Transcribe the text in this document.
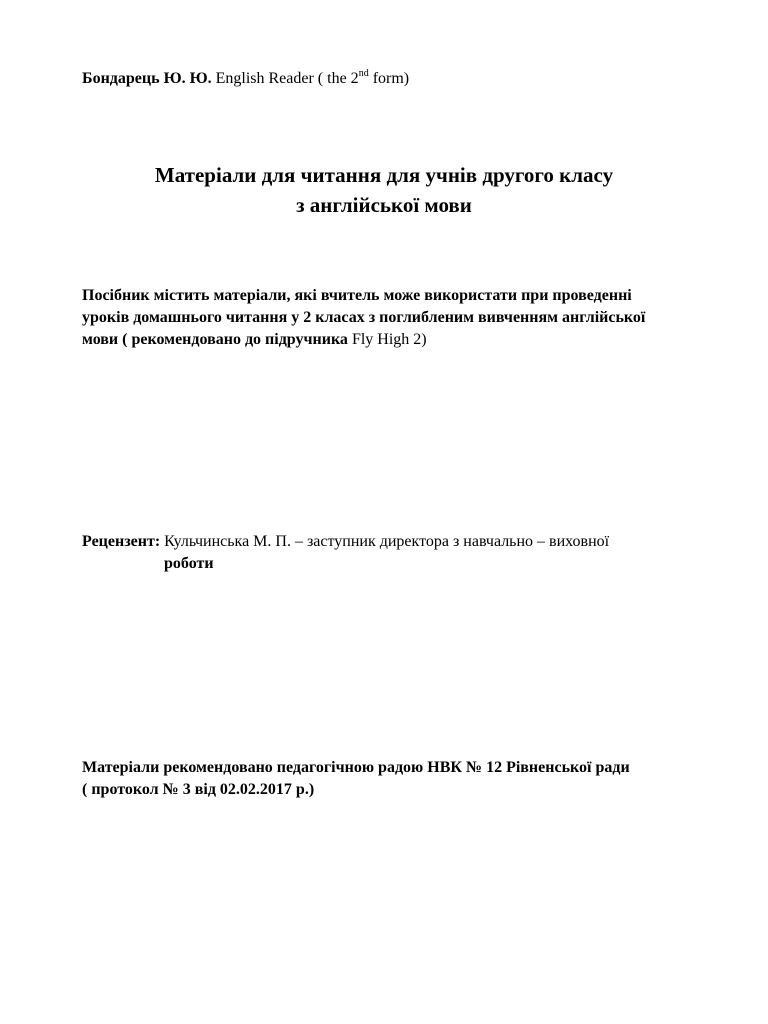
Бондарець Ю. Ю. English Reader ( the 2nd form)
Матеріали для читання для учнів другого класу
з англійської мови
Посібник містить матеріали, які вчитель може використати при проведенні
уроків домашнього читання у 2 класах з поглибленим вивченням англійської
мови ( рекомендовано до підручника Fly High 2)
Рецензент: Кульчинська М. П. – заступник директора з навчально – виховної
роботи
Матеріали рекомендовано педагогічною радою НВК № 12 Рівненської ради
( протокол № 3 від 02.02.2017 р.)
